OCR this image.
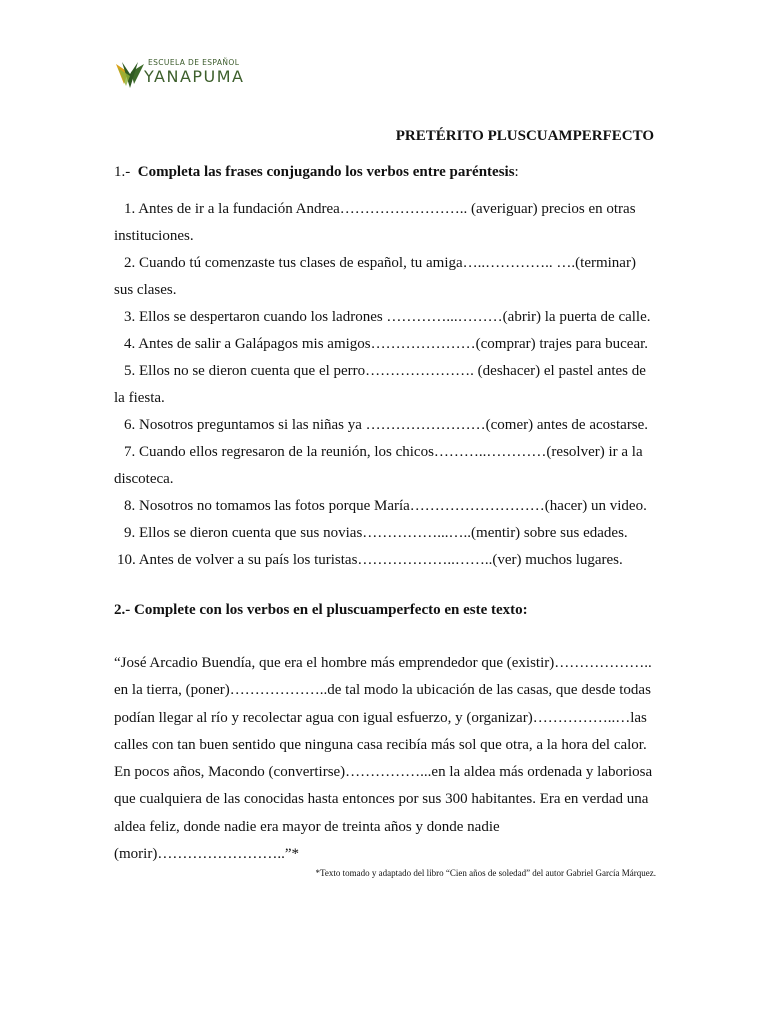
ESCUELA DE ESPAÑOL
YANAPUMA
PRETÉRITO PLUSCUAMPERFECTO
1.- Completa las frases conjugando los verbos entre paréntesis:
1. Antes de ir a la fundación Andrea…………………….. (averiguar) precios en otras
instituciones.
2. Cuando tú comenzaste tus clases de español, tu amiga…..………….. ….(terminar)
sus clases.
3. Ellos se despertaron cuando los ladrones …………...………(abrir) la puerta de calle.
4. Antes de salir a Galápagos mis amigos…………………(comprar) trajes para bucear.
5. Ellos no se dieron cuenta que el perro…………………. (deshacer) el pastel antes de
la fiesta.
6. Nosotros preguntamos si las niñas ya ……………………(comer) antes de acostarse.
7. Cuando ellos regresaron de la reunión, los chicos………..…………(resolver) ir a la
discoteca.
8. Nosotros no tomamos las fotos porque María………………………(hacer) un video.
9. Ellos se dieron cuenta que sus novias……………...…..(mentir) sobre sus edades.
10. Antes de volver a su país los turistas………………..……..(ver) muchos lugares.
2.- Complete con los verbos en el pluscuamperfecto en este texto:
“José Arcadio Buendía, que era el hombre más emprendedor que (existir)………………..
en la tierra, (poner)………………..de tal modo la ubicación de las casas, que desde todas
podían llegar al río y recolectar agua con igual esfuerzo, y (organizar)……………..…las
calles con tan buen sentido que ninguna casa recibía más sol que otra, a la hora del calor.
En pocos años, Macondo (convertirse)……………...en la aldea más ordenada y laboriosa
que cualquiera de las conocidas hasta entonces por sus 300 habitantes. Era en verdad una
aldea feliz, donde nadie era mayor de treinta años y donde nadie
(morir)……………………..”*
*Texto tomado y adaptado del libro “Cien años de soledad” del autor Gabriel García Márquez.
